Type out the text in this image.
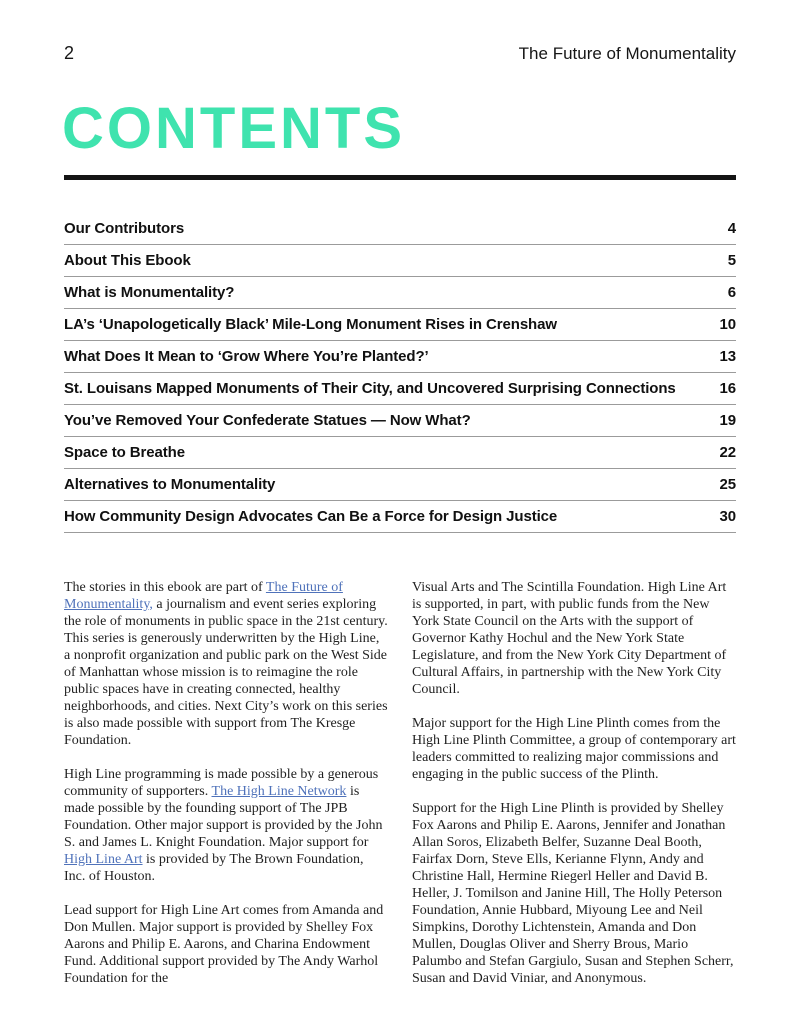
2	The Future of Monumentality
CONTENTS
Our Contributors	4
About This Ebook	5
What is Monumentality?	6
LA’s ‘Unapologetically Black’ Mile-Long Monument Rises in Crenshaw	10
What Does It Mean to ‘Grow Where You’re Planted?’	13
St. Louisans Mapped Monuments of Their City, and Uncovered Surprising Connections	16
You’ve Removed Your Confederate Statues — Now What?	19
Space to Breathe	22
Alternatives to Monumentality	25
How Community Design Advocates Can Be a Force for Design Justice	30

The stories in this ebook are part of The Future of Monumentality, a journalism and event series exploring the role of monuments in public space in the 21st century. This series is generously underwritten by the High Line, a nonprofit organization and public park on the West Side of Manhattan whose mission is to reimagine the role public spaces have in creating connected, healthy neighborhoods, and cities. Next City’s work on this series is also made possible with support from The Kresge Foundation.

High Line programming is made possible by a generous community of supporters. The High Line Network is made possible by the founding support of The JPB Foundation. Other major support is provided by the John S. and James L. Knight Foundation. Major support for High Line Art is provided by The Brown Foundation, Inc. of Houston.

Lead support for High Line Art comes from Amanda and Don Mullen. Major support is provided by Shelley Fox Aarons and Philip E. Aarons, and Charina Endowment Fund. Additional support provided by The Andy Warhol Foundation for the

Visual Arts and The Scintilla Foundation. High Line Art is supported, in part, with public funds from the New York State Council on the Arts with the support of Governor Kathy Hochul and the New York State Legislature, and from the New York City Department of Cultural Affairs, in partnership with the New York City Council.

Major support for the High Line Plinth comes from the High Line Plinth Committee, a group of contemporary art leaders committed to realizing major commissions and engaging in the public success of the Plinth.

Support for the High Line Plinth is provided by Shelley Fox Aarons and Philip E. Aarons, Jennifer and Jonathan Allan Soros, Elizabeth Belfer, Suzanne Deal Booth, Fairfax Dorn, Steve Ells, Kerianne Flynn, Andy and Christine Hall, Hermine Riegerl Heller and David B. Heller, J. Tomilson and Janine Hill, The Holly Peterson Foundation, Annie Hubbard, Miyoung Lee and Neil Simpkins, Dorothy Lichtenstein, Amanda and Don Mullen, Douglas Oliver and Sherry Brous, Mario Palumbo and Stefan Gargiulo, Susan and Stephen Scherr, Susan and David Viniar, and Anonymous.
